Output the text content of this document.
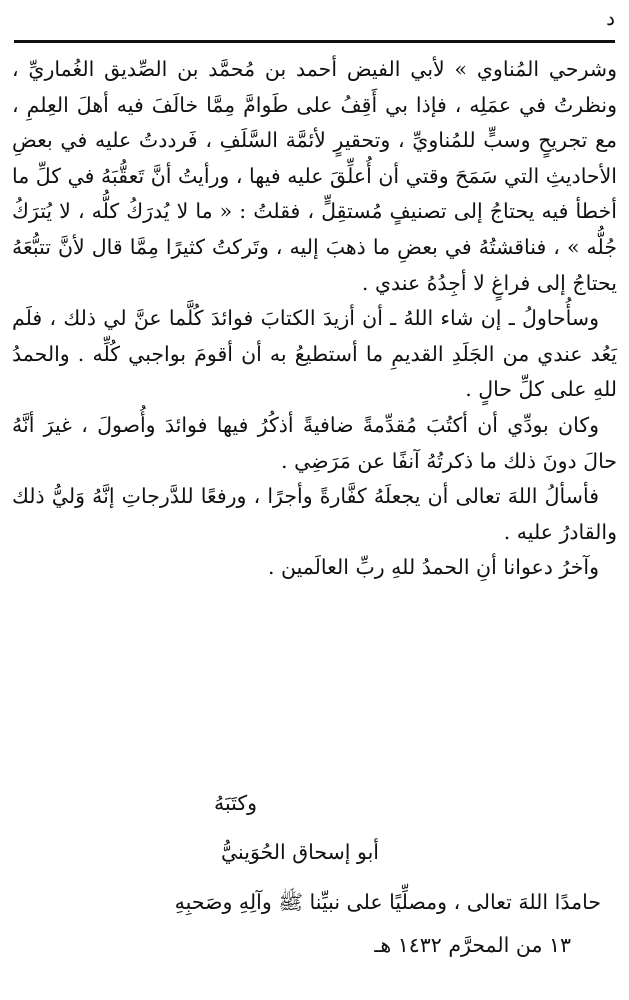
د

وشرحي المُناوي » لأبي الفيض أحمد بن مُحمَّد بن الصِّديق الغُماريِّ ، ونظرتُ في عمَلِه ، فإذا بي أَقِفُ على طَوامَّ مِمَّا خالَفَ فيه أهلَ العِلمِ ، مع تجريحٍ وسبٍّ للمُناويِّ ، وتحقيرٍ لأئمَّة السَّلَفِ ، فَرددتُ عليه في بعضِ الأحاديثِ التي سَمَحَ وقتي أن أُعلِّقَ عليه فيها ، ورأيتُ أنَّ تَعقُّبَهُ في كلِّ ما أخطأ فيه يحتاجُ إلى تصنيفٍ مُستقِلٍّ ، فقلتُ : « ما لا يُدرَكُ كلُّه ، لا يُترَكُ جُلُّه » ، فناقشتُهُ في بعضِ ما ذهبَ إليه ، وتَركتُ كثيرًا مِمَّا قال لأنَّ تتبُّعَهُ يحتاجُ إلى فراغٍ لا أجِدُهُ عندي .

وسأُحاولُ ـ إن شاء اللهُ ـ أن أزيدَ الكتابَ فوائدَ كُلَّما عنَّ لي ذلك ، فلَم يَعُد عندي من الجَلَدِ القديمِ ما أستطيعُ به أن أقومَ بواجبي كُلِّه . والحمدُ للهِ على كلِّ حالٍ .

وكان بودِّي أن أكتُبَ مُقدِّمةً ضافيةً أذكُرُ فيها فوائدَ وأُصولَ ، غيرَ أنَّهُ حالَ دونَ ذلك ما ذكرتُهُ آنفًا عن مَرَضِي .

فأسألُ اللهَ تعالى أن يجعلَهُ كفَّارةً وأجرًا ، ورفعًا للدَّرجاتِ إنَّهُ وَليُّ ذلك والقادرُ عليه .

وآخرُ دعوانا أنِ الحمدُ للهِ ربِّ العالَمين .

وكتَبَهُ
أبو إسحاق الحُوَينيُّ
حامدًا اللهَ تعالى ، ومصلِّيًا على نبيِّنا ﷺ وآلِهِ وصَحبِهِ
١٣ من المحرَّم ١٤٣٢ هـ
